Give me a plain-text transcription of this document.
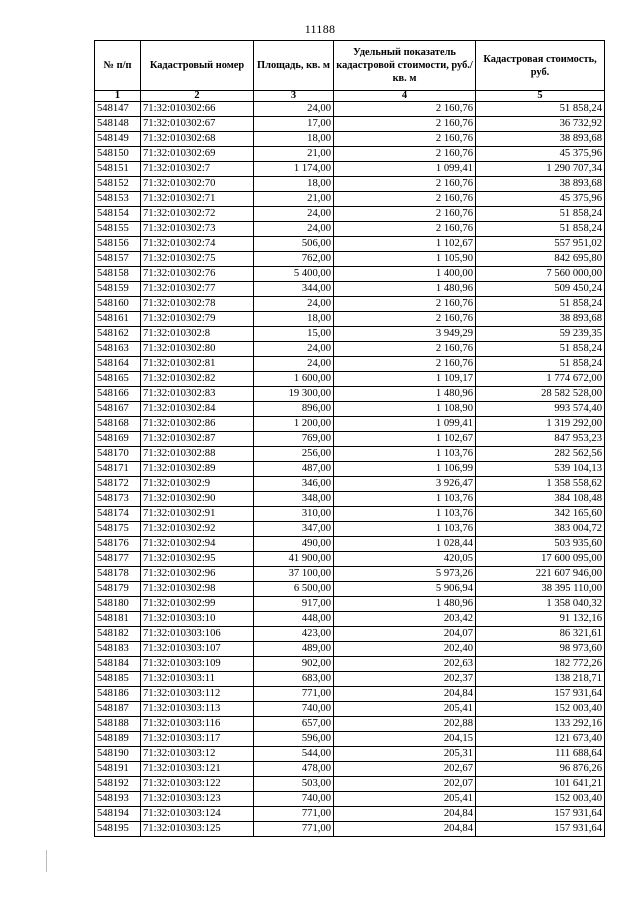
11188
№ п/п	Кадастровый номер	Площадь, кв. м	Удельный показатель кадастровой стоимости, руб./кв. м	Кадастровая стоимость, руб.
1	2	3	4	5
548147	71:32:010302:66	24,00	2 160,76	51 858,24
548148	71:32:010302:67	17,00	2 160,76	36 732,92
548149	71:32:010302:68	18,00	2 160,76	38 893,68
548150	71:32:010302:69	21,00	2 160,76	45 375,96
548151	71:32:010302:7	1 174,00	1 099,41	1 290 707,34
548152	71:32:010302:70	18,00	2 160,76	38 893,68
548153	71:32:010302:71	21,00	2 160,76	45 375,96
548154	71:32:010302:72	24,00	2 160,76	51 858,24
548155	71:32:010302:73	24,00	2 160,76	51 858,24
548156	71:32:010302:74	506,00	1 102,67	557 951,02
548157	71:32:010302:75	762,00	1 105,90	842 695,80
548158	71:32:010302:76	5 400,00	1 400,00	7 560 000,00
548159	71:32:010302:77	344,00	1 480,96	509 450,24
548160	71:32:010302:78	24,00	2 160,76	51 858,24
548161	71:32:010302:79	18,00	2 160,76	38 893,68
548162	71:32:010302:8	15,00	3 949,29	59 239,35
548163	71:32:010302:80	24,00	2 160,76	51 858,24
548164	71:32:010302:81	24,00	2 160,76	51 858,24
548165	71:32:010302:82	1 600,00	1 109,17	1 774 672,00
548166	71:32:010302:83	19 300,00	1 480,96	28 582 528,00
548167	71:32:010302:84	896,00	1 108,90	993 574,40
548168	71:32:010302:86	1 200,00	1 099,41	1 319 292,00
548169	71:32:010302:87	769,00	1 102,67	847 953,23
548170	71:32:010302:88	256,00	1 103,76	282 562,56
548171	71:32:010302:89	487,00	1 106,99	539 104,13
548172	71:32:010302:9	346,00	3 926,47	1 358 558,62
548173	71:32:010302:90	348,00	1 103,76	384 108,48
548174	71:32:010302:91	310,00	1 103,76	342 165,60
548175	71:32:010302:92	347,00	1 103,76	383 004,72
548176	71:32:010302:94	490,00	1 028,44	503 935,60
548177	71:32:010302:95	41 900,00	420,05	17 600 095,00
548178	71:32:010302:96	37 100,00	5 973,26	221 607 946,00
548179	71:32:010302:98	6 500,00	5 906,94	38 395 110,00
548180	71:32:010302:99	917,00	1 480,96	1 358 040,32
548181	71:32:010303:10	448,00	203,42	91 132,16
548182	71:32:010303:106	423,00	204,07	86 321,61
548183	71:32:010303:107	489,00	202,40	98 973,60
548184	71:32:010303:109	902,00	202,63	182 772,26
548185	71:32:010303:11	683,00	202,37	138 218,71
548186	71:32:010303:112	771,00	204,84	157 931,64
548187	71:32:010303:113	740,00	205,41	152 003,40
548188	71:32:010303:116	657,00	202,88	133 292,16
548189	71:32:010303:117	596,00	204,15	121 673,40
548190	71:32:010303:12	544,00	205,31	111 688,64
548191	71:32:010303:121	478,00	202,67	96 876,26
548192	71:32:010303:122	503,00	202,07	101 641,21
548193	71:32:010303:123	740,00	205,41	152 003,40
548194	71:32:010303:124	771,00	204,84	157 931,64
548195	71:32:010303:125	771,00	204,84	157 931,64
